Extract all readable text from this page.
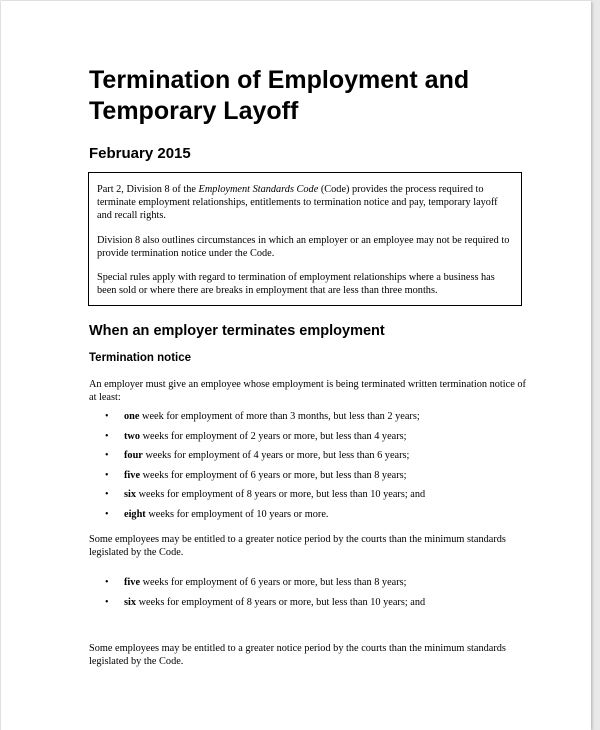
Termination of Employment and
Temporary Layoff
February 2015

Part 2, Division 8 of the Employment Standards Code (Code) provides the process required to terminate employment relationships, entitlements to termination notice and pay, temporary layoff and recall rights.

Division 8 also outlines circumstances in which an employer or an employee may not be required to provide termination notice under the Code.

Special rules apply with regard to termination of employment relationships where a business has been sold or where there are breaks in employment that are less than three months.

When an employer terminates employment
Termination notice

An employer must give an employee whose employment is being terminated written termination notice of at least:

• one week for employment of more than 3 months, but less than 2 years;
• two weeks for employment of 2 years or more, but less than 4 years;
• four weeks for employment of 4 years or more, but less than 6 years;
• five weeks for employment of 6 years or more, but less than 8 years;
• six weeks for employment of 8 years or more, but less than 10 years; and
• eight weeks for employment of 10 years or more.

Some employees may be entitled to a greater notice period by the courts than the minimum standards legislated by the Code.

• five weeks for employment of 6 years or more, but less than 8 years;
• six weeks for employment of 8 years or more, but less than 10 years; and

Some employees may be entitled to a greater notice period by the courts than the minimum standards legislated by the Code.
